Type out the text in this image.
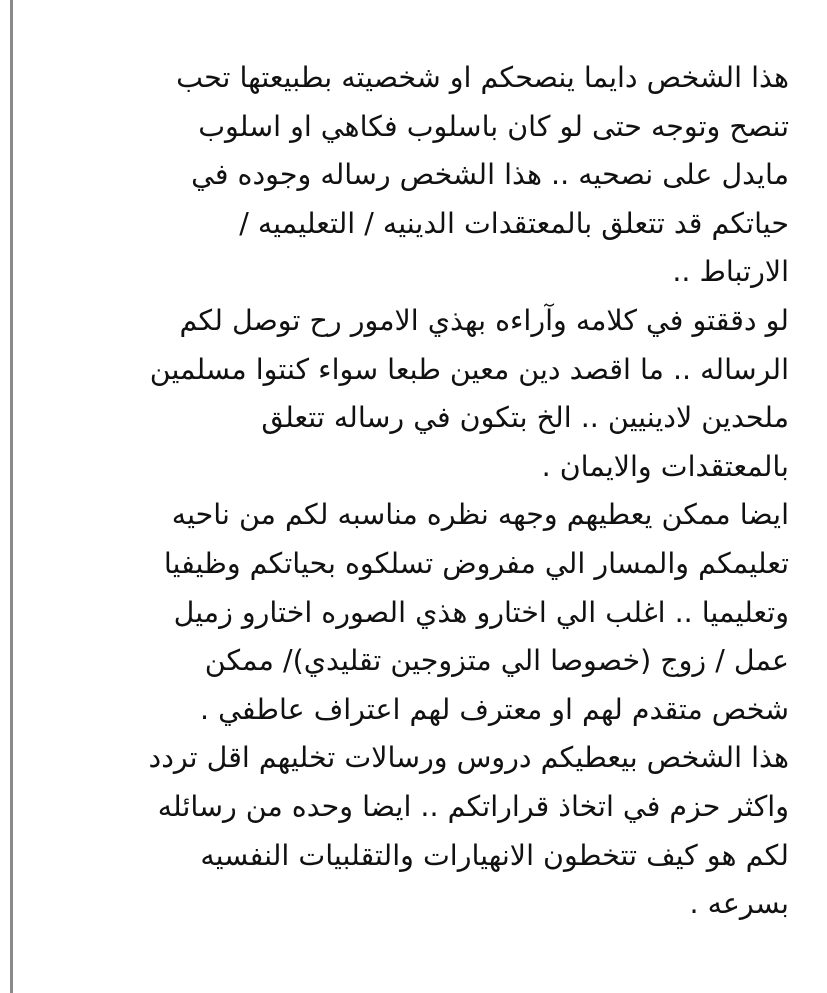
هذا الشخص دايما ينصحكم او شخصيته بطبيعتها تحب
تنصح وتوجه حتى لو كان باسلوب فكاهي او اسلوب
مايدل على نصحيه .. هذا الشخص رساله وجوده في
حياتكم قد تتعلق بالمعتقدات الدينيه / التعليميه /
الارتباط ..
لو دققتو في كلامه وآراءه بهذي الامور رح توصل لكم
الرساله .. ما اقصد دين معين طبعا سواء كنتوا مسلمين
ملحدين لادينيين .. الخ بتكون في رساله تتعلق
بالمعتقدات والايمان .
ايضا ممكن يعطيهم وجهه نظره مناسبه لكم من ناحيه
تعليمكم والمسار الي مفروض تسلكوه بحياتكم وظيفيا
وتعليميا .. اغلب الي اختارو هذي الصوره اختارو زميل
عمل / زوج (خصوصا الي متزوجين تقليدي)/ ممكن
شخص متقدم لهم او معترف لهم اعتراف عاطفي .
هذا الشخص بيعطيكم دروس ورسالات تخليهم اقل تردد
واكثر حزم في اتخاذ قراراتكم .. ايضا وحده من رسائله
لكم هو كيف تتخطون الانهيارات والتقلبيات النفسيه
بسرعه .
